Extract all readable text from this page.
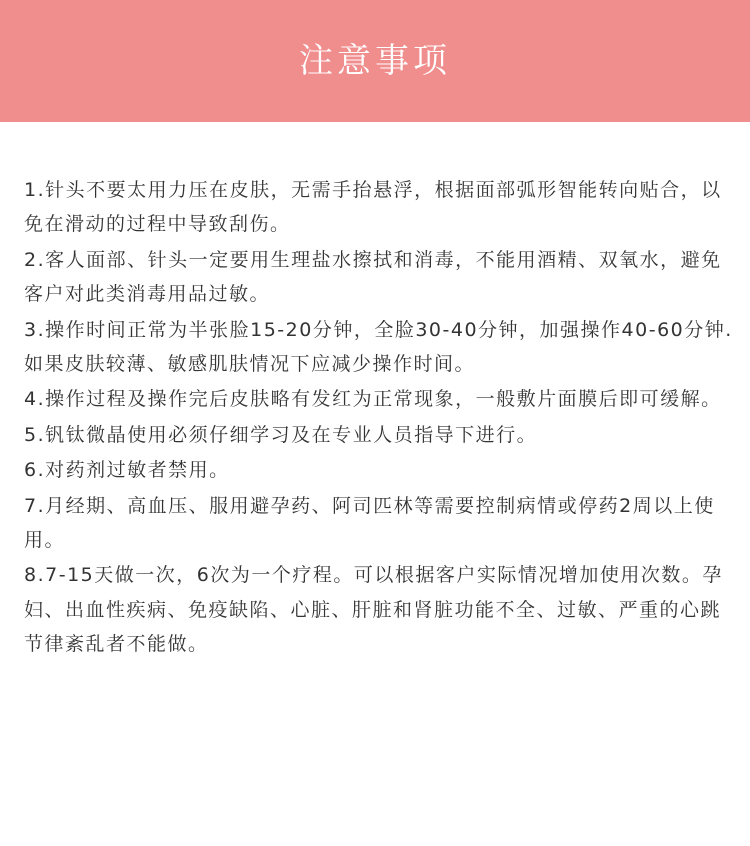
注意事项
1.针头不要太用力压在皮肤，无需手抬悬浮，根据面部弧形智能转向贴合，以免在滑动的过程中导致刮伤。
2.客人面部、针头一定要用生理盐水擦拭和消毒，不能用酒精、双氧水，避免客户对此类消毒用品过敏。
3.操作时间正常为半张脸15-20分钟，全脸30-40分钟，加强操作40-60分钟.如果皮肤较薄、敏感肌肤情况下应减少操作时间。
4.操作过程及操作完后皮肤略有发红为正常现象，一般敷片面膜后即可缓解。
5.钒钛微晶使用必须仔细学习及在专业人员指导下进行。
6.对药剂过敏者禁用。
7.月经期、高血压、服用避孕药、阿司匹林等需要控制病情或停药2周以上使用。
8.7-15天做一次，6次为一个疗程。可以根据客户实际情况增加使用次数。孕妇、出血性疾病、免疫缺陷、心脏、肝脏和肾脏功能不全、过敏、严重的心跳节律紊乱者不能做。
